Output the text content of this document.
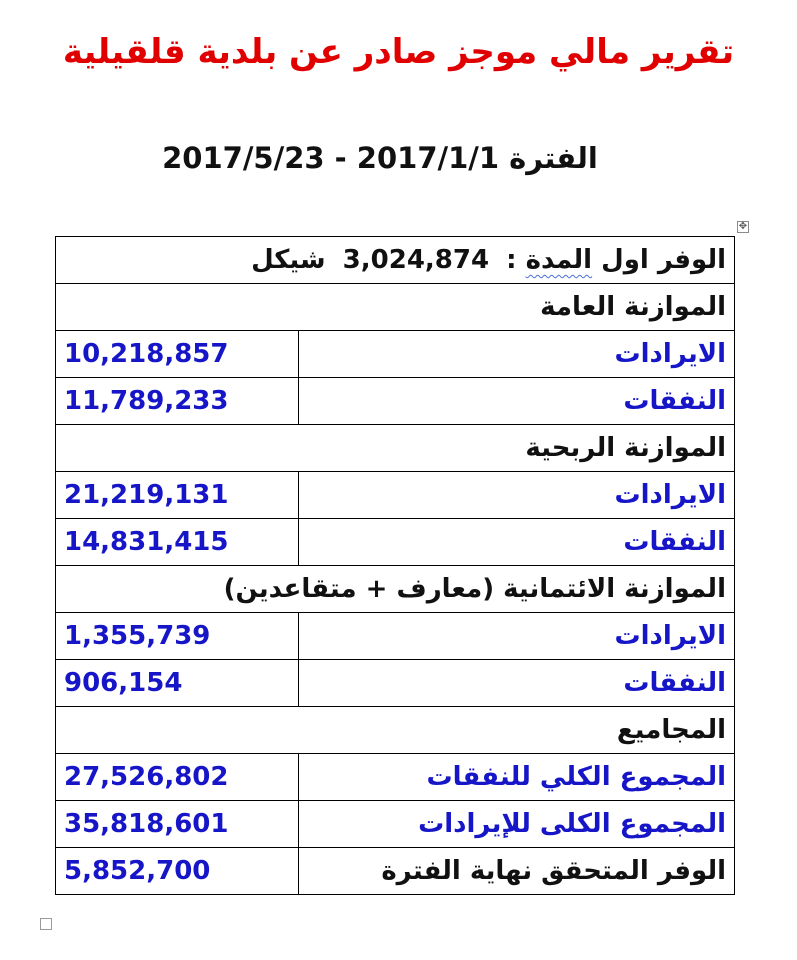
تقرير مالي موجز صادر عن بلدية قلقيلية
الفترة 2017/5/23 - 2017/1/1
✥
الوفر اول المدة : 3,024,874 شيكل	
الموازنة العامة	
الايرادات	10,218,857
النفقات	11,789,233
الموازنة الربحية	
الايرادات	21,219,131
النفقات	14,831,415
الموازنة الائتمانية (معارف + متقاعدين)	
الايرادات	1,355,739
النفقات	906,154
المجاميع	
المجموع الكلي للنفقات	27,526,802
المجموع الكلى للإيرادات	35,818,601
الوفر المتحقق نهاية الفترة	5,852,700
